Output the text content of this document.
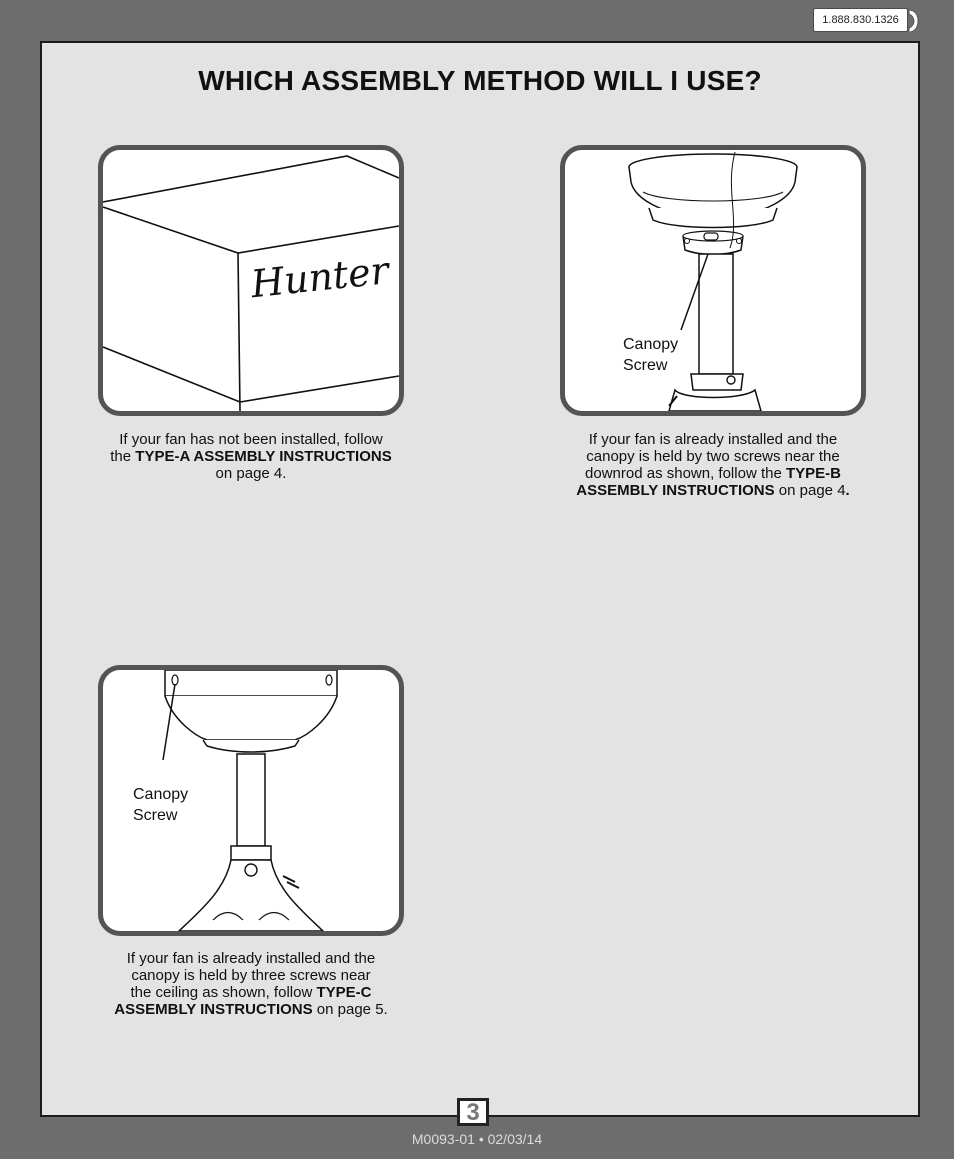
1.888.830.1326
WHICH ASSEMBLY METHOD WILL I USE?
Hunter
If your fan has not been installed, follow
the TYPE-A ASSEMBLY INSTRUCTIONS
on page 4.
Canopy
Screw
If your fan is already installed and the
canopy is held by two screws near the
downrod as shown, follow the TYPE-B
ASSEMBLY INSTRUCTIONS on page 4.
Canopy
Screw
If your fan is already installed and the
canopy is held by three screws near
the ceiling as shown, follow TYPE-C
ASSEMBLY INSTRUCTIONS on page 5.
3
M0093-01 • 02/03/14
